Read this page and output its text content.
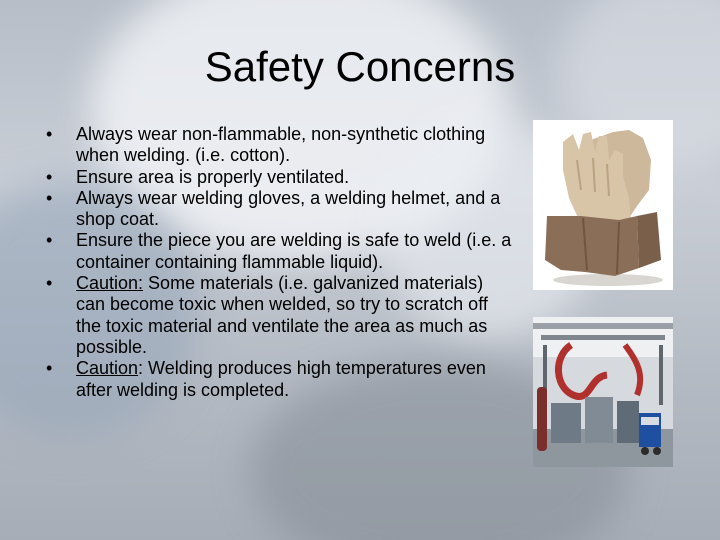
Safety Concerns
• Always wear non-flammable, non-synthetic clothing when welding. (i.e. cotton).
• Ensure area is properly ventilated.
• Always wear welding gloves, a welding helmet, and a shop coat.
• Ensure the piece you are welding is safe to weld (i.e. a container containing flammable liquid).
• Caution: Some materials (i.e. galvanized materials) can become toxic when welded, so try to scratch off the toxic material and ventilate the area as much as possible.
• Caution: Welding produces high temperatures even after welding is completed.
